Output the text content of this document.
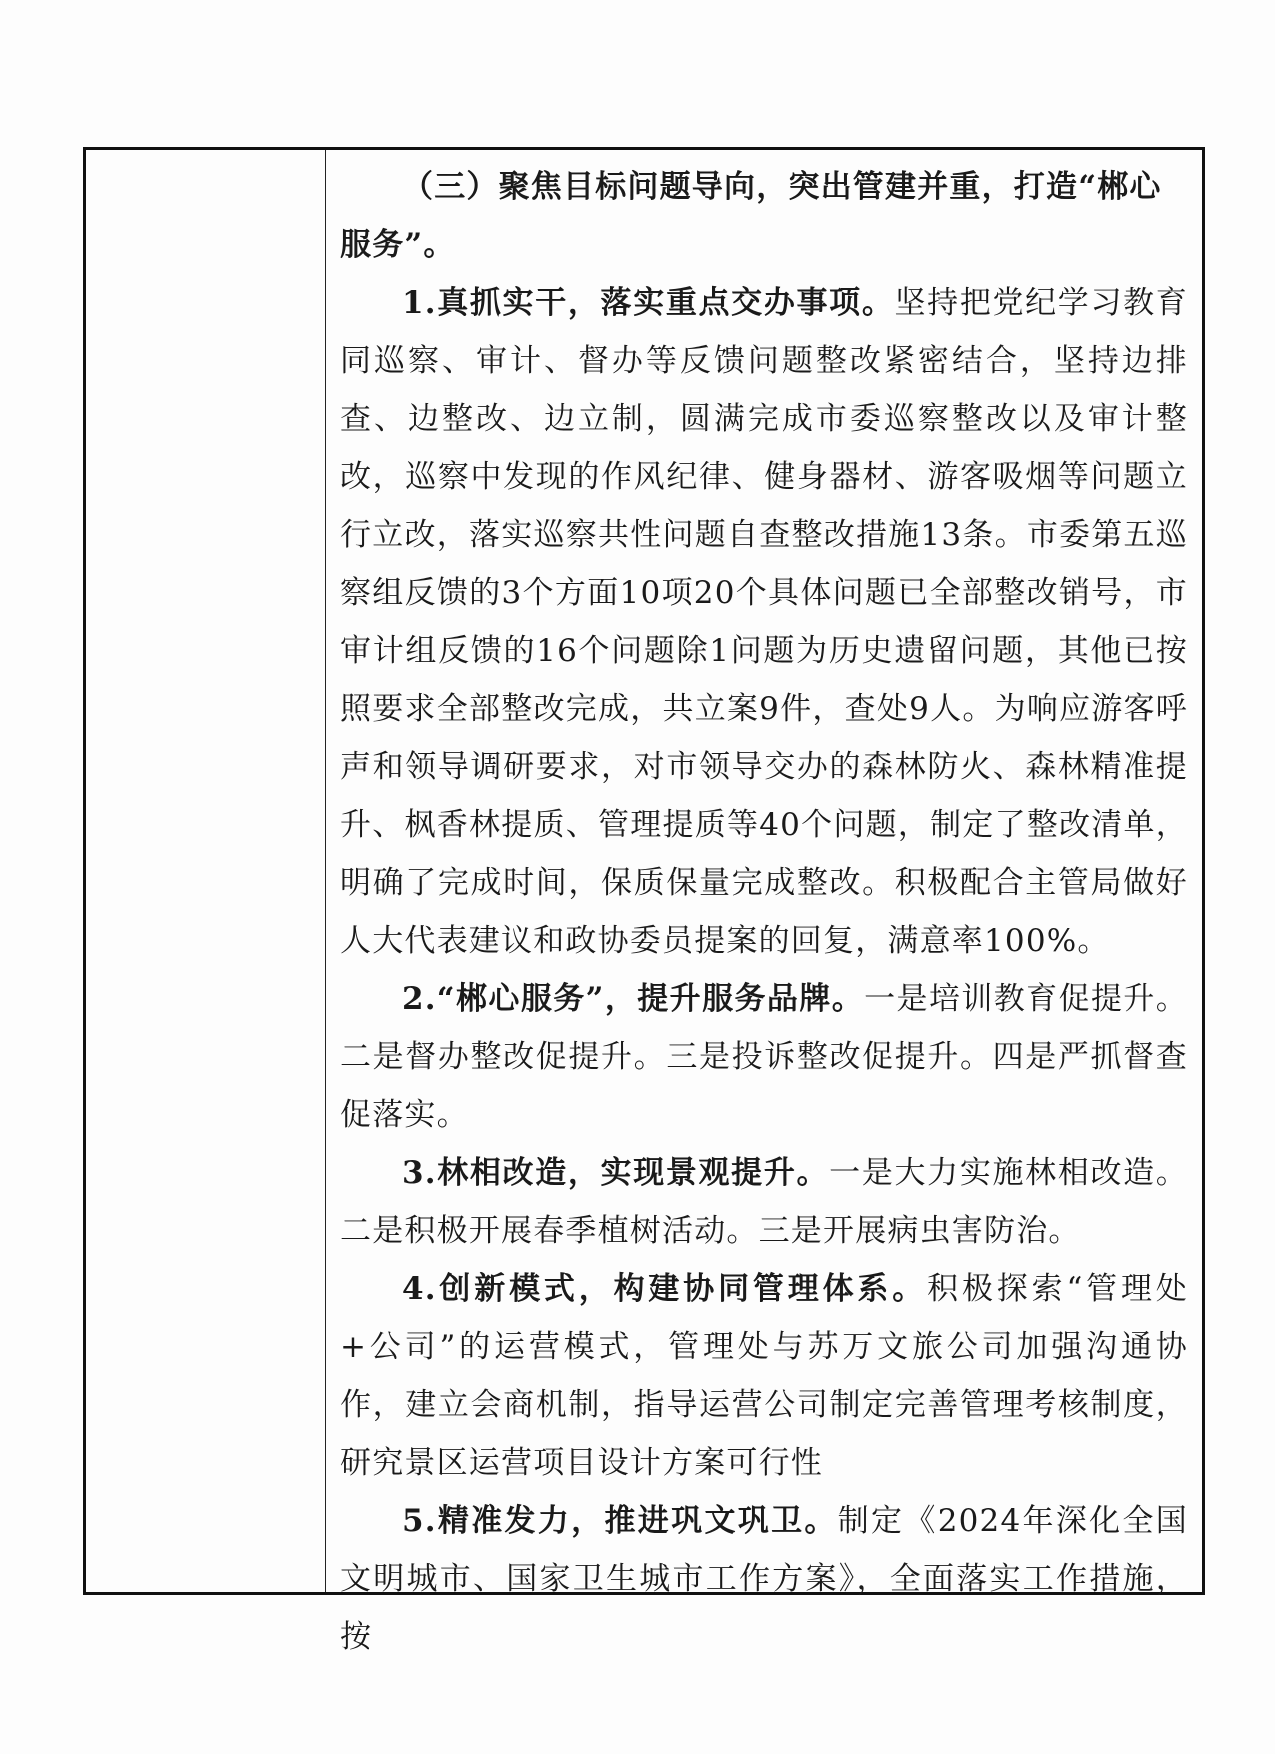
（三）聚焦目标问题导向，突出管建并重，打造“郴心服务”。

1.真抓实干，落实重点交办事项。坚持把党纪学习教育同巡察、审计、督办等反馈问题整改紧密结合，坚持边排查、边整改、边立制，圆满完成市委巡察整改以及审计整改，巡察中发现的作风纪律、健身器材、游客吸烟等问题立行立改，落实巡察共性问题自查整改措施13条。市委第五巡察组反馈的3个方面10项20个具体问题已全部整改销号，市审计组反馈的16个问题除1问题为历史遗留问题，其他已按照要求全部整改完成，共立案9件，查处9人。为响应游客呼声和领导调研要求，对市领导交办的森林防火、森林精准提升、枫香林提质、管理提质等40个问题，制定了整改清单，明确了完成时间，保质保量完成整改。积极配合主管局做好人大代表建议和政协委员提案的回复，满意率100%。

2.“郴心服务”，提升服务品牌。一是培训教育促提升。二是督办整改促提升。三是投诉整改促提升。四是严抓督查促落实。

3.林相改造，实现景观提升。一是大力实施林相改造。二是积极开展春季植树活动。三是开展病虫害防治。

4.创新模式，构建协同管理体系。积极探索“管理处+公司”的运营模式，管理处与苏万文旅公司加强沟通协作，建立会商机制，指导运营公司制定完善管理考核制度，研究景区运营项目设计方案可行性

5.精准发力，推进巩文巩卫。制定《2024年深化全国文明城市、国家卫生城市工作方案》，全面落实工作措施，按
